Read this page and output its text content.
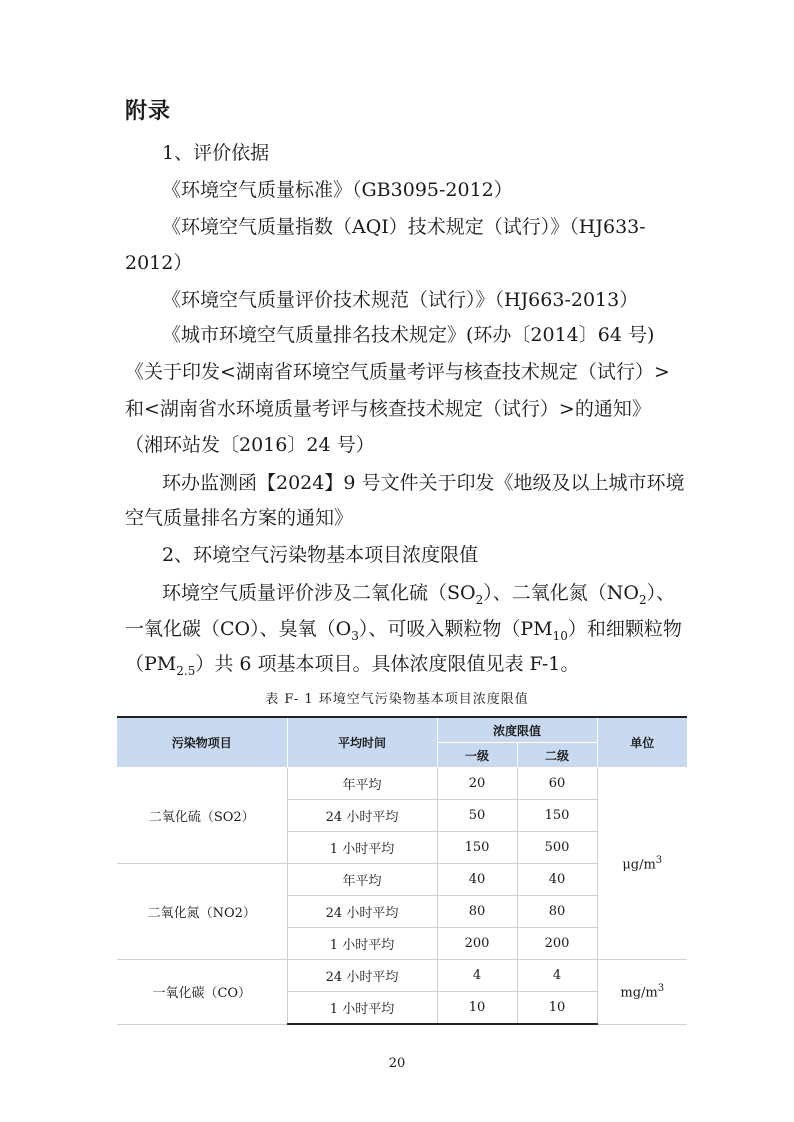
附录
1、评价依据
《环境空气质量标准》（GB3095-2012）
《环境空气质量指数（AQI）技术规定（试行）》（HJ633-
2012）
《环境空气质量评价技术规范（试行）》（HJ663-2013）
《城市环境空气质量排名技术规定》(环办〔2014〕64 号)
《关于印发<湖南省环境空气质量考评与核查技术规定（试行）>
和<湖南省水环境质量考评与核查技术规定（试行）>的通知》
（湘环站发〔2016〕24 号）
环办监测函【2024】9 号文件关于印发《地级及以上城市环境
空气质量排名方案的通知》
2、环境空气污染物基本项目浓度限值
环境空气质量评价涉及二氧化硫$(SO_2)$、二氧化氮$(NO_2)$、
一氧化碳（CO）、臭氧$(O_3)$、可吸入颗粒物$(PM_{10})$和细颗粒物
$(PM_{2.5})$共 6 项基本项目。具体浓度限值见表 F-1。
表 F- 1 环境空气污染物基本项目浓度限值
污染物项目	平均时间	浓度限值		单位
		一级	二级	
二氧化硫（SO2）	年平均	20	60	$\mu g/m^3$
	24 小时平均	50	150	
	1 小时平均	150	500	
二氧化氮（NO2）	年平均	40	40	
	24 小时平均	80	80	
	1 小时平均	200	200	
一氧化碳（CO）	24 小时平均	4	4	$mg/m^3$
	1 小时平均	10	10	
20
